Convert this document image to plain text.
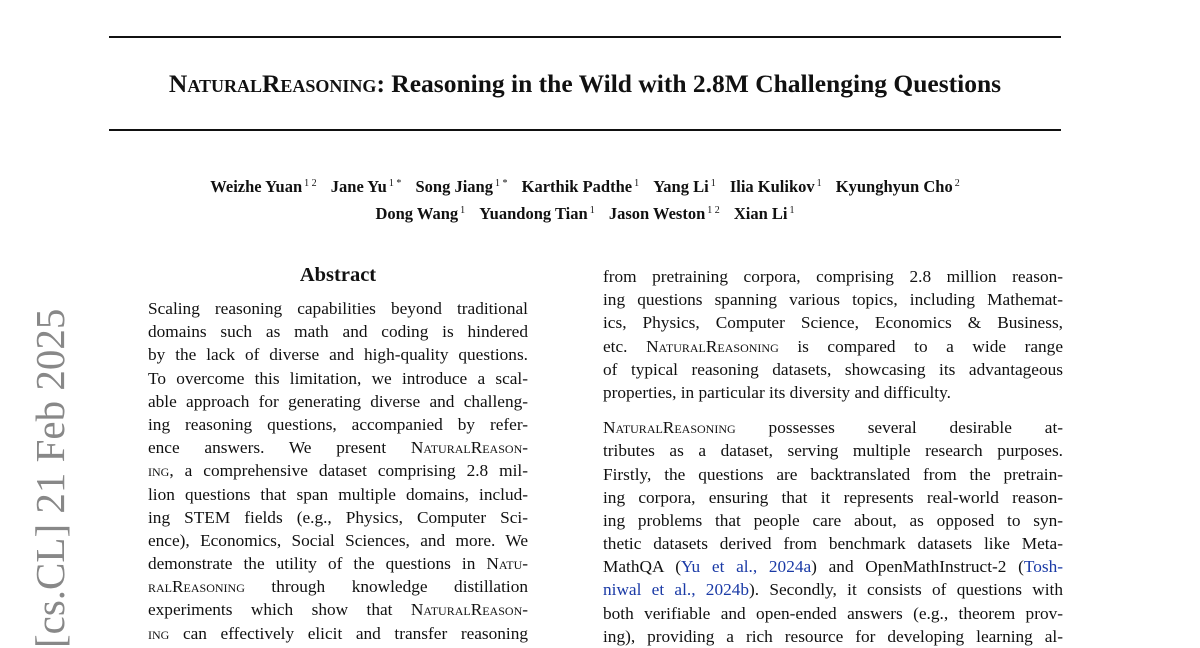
NaturalReasoning: Reasoning in the Wild with 2.8M Challenging Questions
Weizhe Yuan $^{1 2}$ Jane Yu $^{1 *}$ Song Jiang $^{1 *}$ Karthik Padthe $^1$ Yang Li $^1$ Ilia Kulikov $^1$ Kyunghyun Cho $^2$
Dong Wang $^1$ Yuandong Tian $^1$ Jason Weston $^{1 2}$ Xian Li $^1$
[cs.CL] 21 Feb 2025
Abstract
Scaling reasoning capabilities beyond traditional
domains such as math and coding is hindered
by the lack of diverse and high-quality questions.
To overcome this limitation, we introduce a scal-
able approach for generating diverse and challeng-
ing reasoning questions, accompanied by refer-
ence answers. We present NaturalReason-
ing, a comprehensive dataset comprising 2.8 mil-
lion questions that span multiple domains, includ-
ing STEM fields (e.g., Physics, Computer Sci-
ence), Economics, Social Sciences, and more. We
demonstrate the utility of the questions in Natu-
ralReasoning through knowledge distillation
experiments which show that NaturalReason-
ing can effectively elicit and transfer reasoning
from pretraining corpora, comprising 2.8 million reason-
ing questions spanning various topics, including Mathemat-
ics, Physics, Computer Science, Economics & Business,
etc. NaturalReasoning is compared to a wide range
of typical reasoning datasets, showcasing its advantageous
properties, in particular its diversity and difficulty.
NaturalReasoning possesses several desirable at-
tributes as a dataset, serving multiple research purposes.
Firstly, the questions are backtranslated from the pretrain-
ing corpora, ensuring that it represents real-world reason-
ing problems that people care about, as opposed to syn-
thetic datasets derived from benchmark datasets like Meta-
MathQA (Yu et al., 2024a) and OpenMathInstruct-2 (Tosh-
niwal et al., 2024b). Secondly, it consists of questions with
both verifiable and open-ended answers (e.g., theorem prov-
ing), providing a rich resource for developing learning al-
